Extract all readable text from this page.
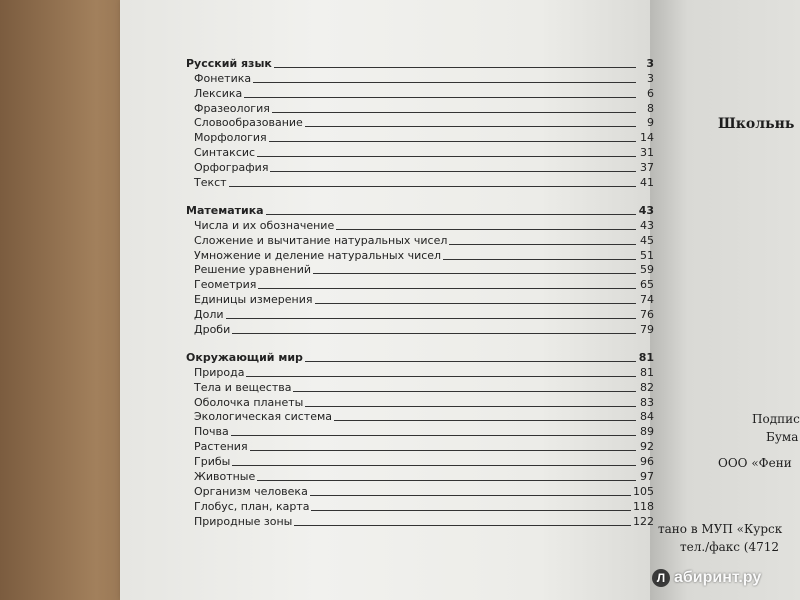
Русский язык	3
Фонетика	3
Лексика	6
Фразеология	8
Словообразование	9
Морфология	14
Синтаксис	31
Орфография	37
Текст	41
Математика	43
Числа и их обозначение	43
Сложение и вычитание натуральных чисел	45
Умножение и деление натуральных чисел	51
Решение уравнений	59
Геометрия	65
Единицы измерения	74
Доли	76
Дроби	79
Окружающий мир	81
Природа	81
Тела и вещества	82
Оболочка планеты	83
Экологическая система	84
Почва	89
Растения	92
Грибы	96
Животные	97
Организм человека	105
Глобус, план, карта	118
Природные зоны	122
Школьнь
Подпис
Бума
ООО «Фени
тано в МУП «Курск
тел./факс (4712
Л абиринт.ру
